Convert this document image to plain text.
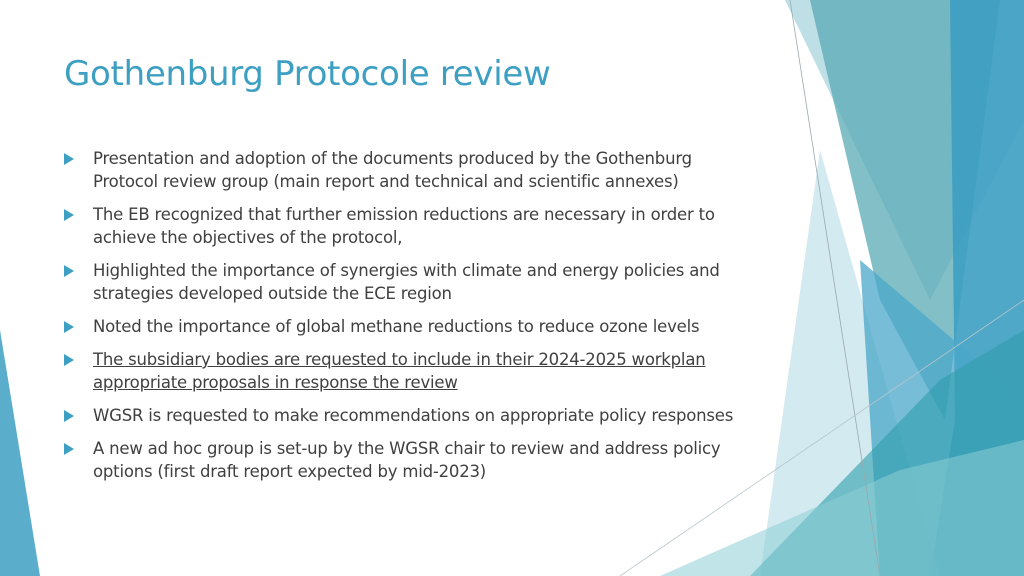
Gothenburg Protocole review
Presentation and adoption of the documents produced by the Gothenburg
Protocol review group (main report and technical and scientific annexes)
The EB recognized that further emission reductions are necessary in order to
achieve the objectives of the protocol,
Highlighted the importance of synergies with climate and energy policies and
strategies developed outside the ECE region
Noted the importance of global methane reductions to reduce ozone levels
The subsidiary bodies are requested to include in their 2024-2025 workplan
appropriate proposals in response the review
WGSR is requested to make recommendations on appropriate policy responses
A new ad hoc group is set-up by the WGSR chair to review and address policy
options (first draft report expected by mid-2023)
